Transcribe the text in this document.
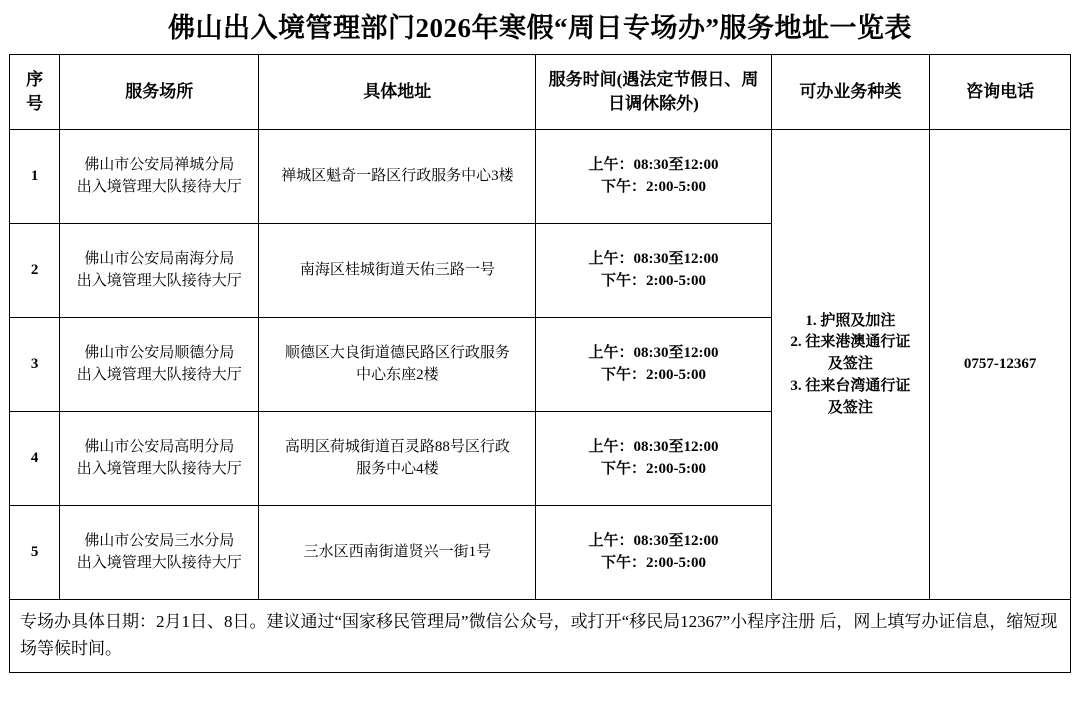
佛山出入境管理部门2026年寒假“周日专场办”服务地址一览表
序号	服务场所	具体地址	服务时间(遇法定节假日、周日调休除外)	可办业务种类	咨询电话
1	佛山市公安局禅城分局
出入境管理大队接待大厅	禅城区魁奇一路区行政服务中心3楼	上午：08:30至12:00
下午：2:00-5:00	1. 护照及加注
2. 往来港澳通行证
及签注
3. 往来台湾通行证
及签注	0757-12367
2	佛山市公安局南海分局
出入境管理大队接待大厅	南海区桂城街道天佑三路一号	上午：08:30至12:00
下午：2:00-5:00		

3	佛山市公安局顺德分局
出入境管理大队接待大厅	顺德区大良街道德民路区行政服务
中心东座2楼	上午：08:30至12:00
下午：2:00-5:00		

4	佛山市公安局高明分局
出入境管理大队接待大厅	高明区荷城街道百灵路88号区行政
服务中心4楼	上午：08:30至12:00
下午：2:00-5:00		

5	佛山市公安局三水分局
出入境管理大队接待大厅	三水区西南街道贤兴一街1号	上午：08:30至12:00
下午：2:00-5:00		
专场办具体日期：2月1日、8日。建议通过“国家移民管理局”微信公众号，或打开“移民局12367”小程序注册 后，网上填写办证信息，缩短现场等候时间。
